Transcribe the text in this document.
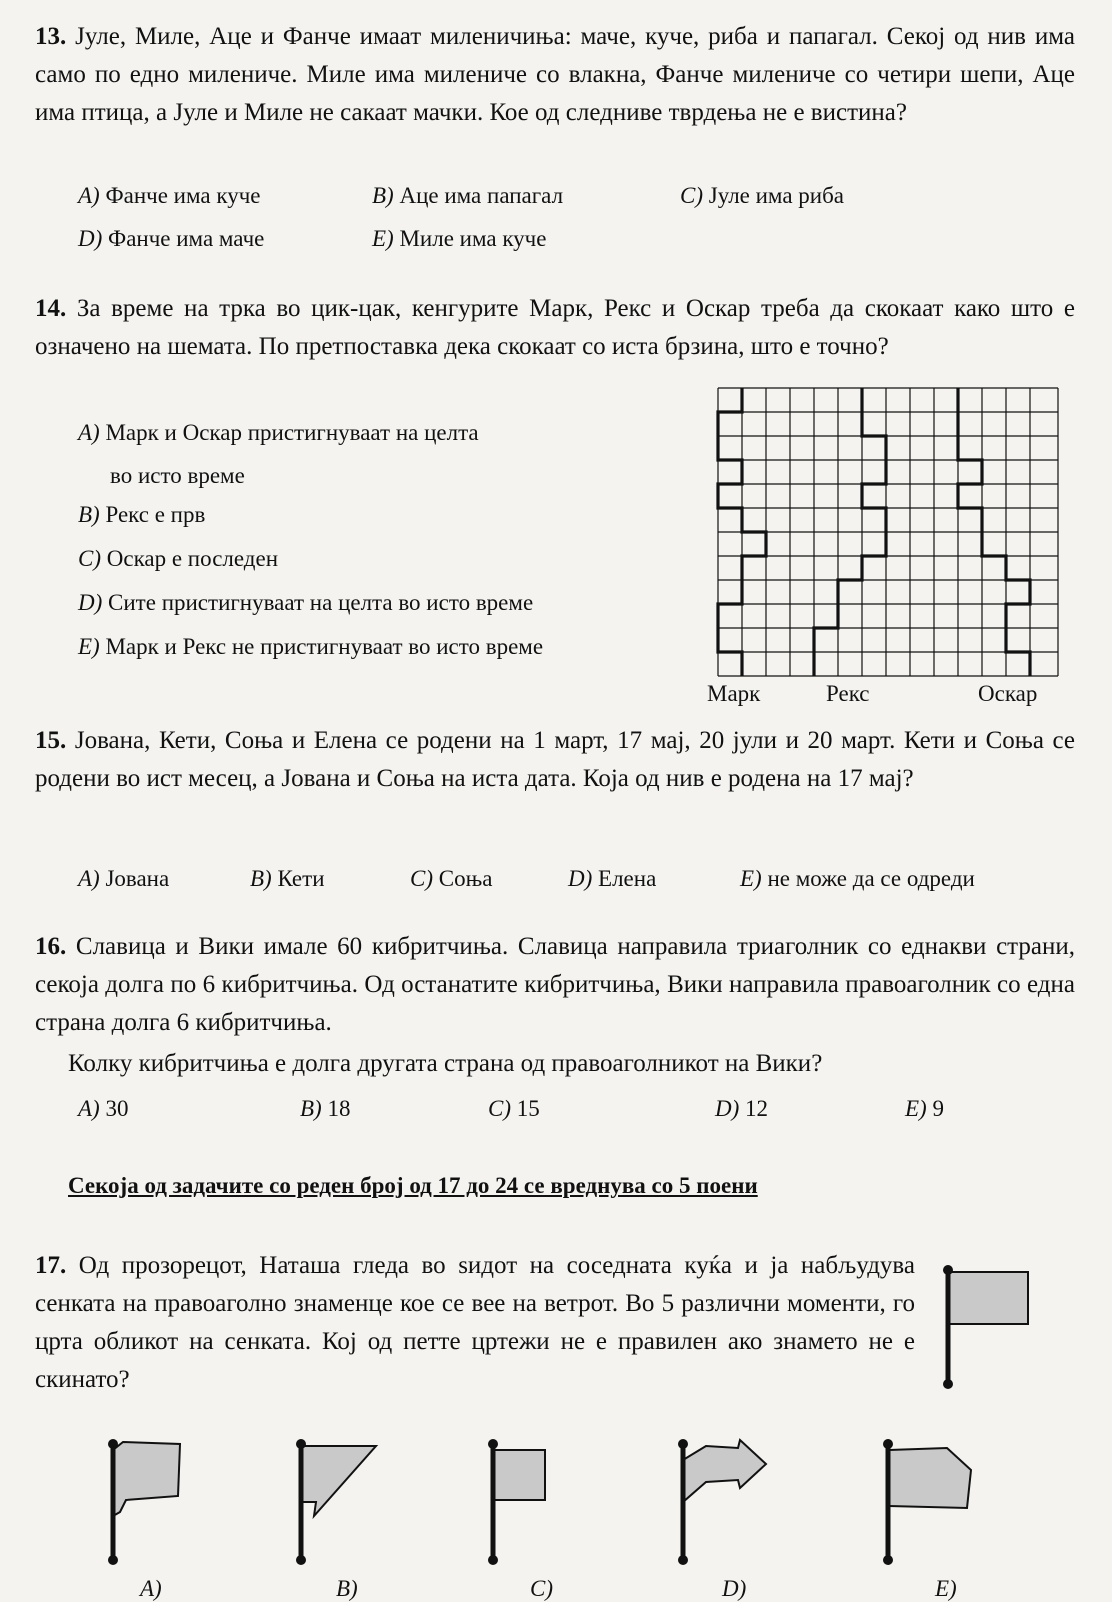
13. Јуле, Миле, Аце и Фанче имаат миленичиња: маче, куче, риба и папагал. Секој од нив има само по едно милениче. Миле има милениче со влакна, Фанче милениче со четири шепи, Аце има птица, а Јуле и Миле не сакаат мачки. Кое од следниве тврдења не е вистина?
A) Фанче има куче	B) Аце има папагал	C) Јуле има риба
D) Фанче има маче	E) Миле има куче
14. За време на трка во цик-цак, кенгурите Марк, Рекс и Оскар треба да скокаат како што е означено на шемата. По претпоставка дека скокаат со иста брзина, што е точно?
A) Марк и Оскар пристигнуваат на целта
во исто време
B) Рекс е прв
C) Оскар е последен
D) Сите пристигнуваат на целта во исто време
E) Марк и Рекс не пристигнуваат во исто време
Марк	Рекс	Оскар
15. Јована, Кети, Соња и Елена се родени на 1 март, 17 мај, 20 јули и 20 март. Кети и Соња се родени во ист месец, а Јована и Соња на иста дата. Која од нив е родена на 17 мај?
A) Јована	B) Кети	C) Соња	D) Елена	E) не може да се одреди
16. Славица и Вики имале 60 кибритчиња. Славица направила триаголник со еднакви страни, секоја долга по 6 кибритчиња. Од останатите кибритчиња, Вики направила правоаголник со една страна долга 6 кибритчиња.
Колку кибритчиња е долга другата страна од правоаголникот на Вики?
A) 30	B) 18	C) 15	D) 12	E) 9
Секоја од задачите со реден број од 17 до 24 се вреднува со 5 поени
17. Од прозорецот, Наташа гледа во ѕидот на соседната куќа и ја набљудува сенката на правоаголно знаменце кое се вее на ветрот. Во 5 различни моменти, го црта обликот на сенката. Кој од петте цртежи не е правилен ако знамето не е скинато?
A)	B)	C)	D)	E)
